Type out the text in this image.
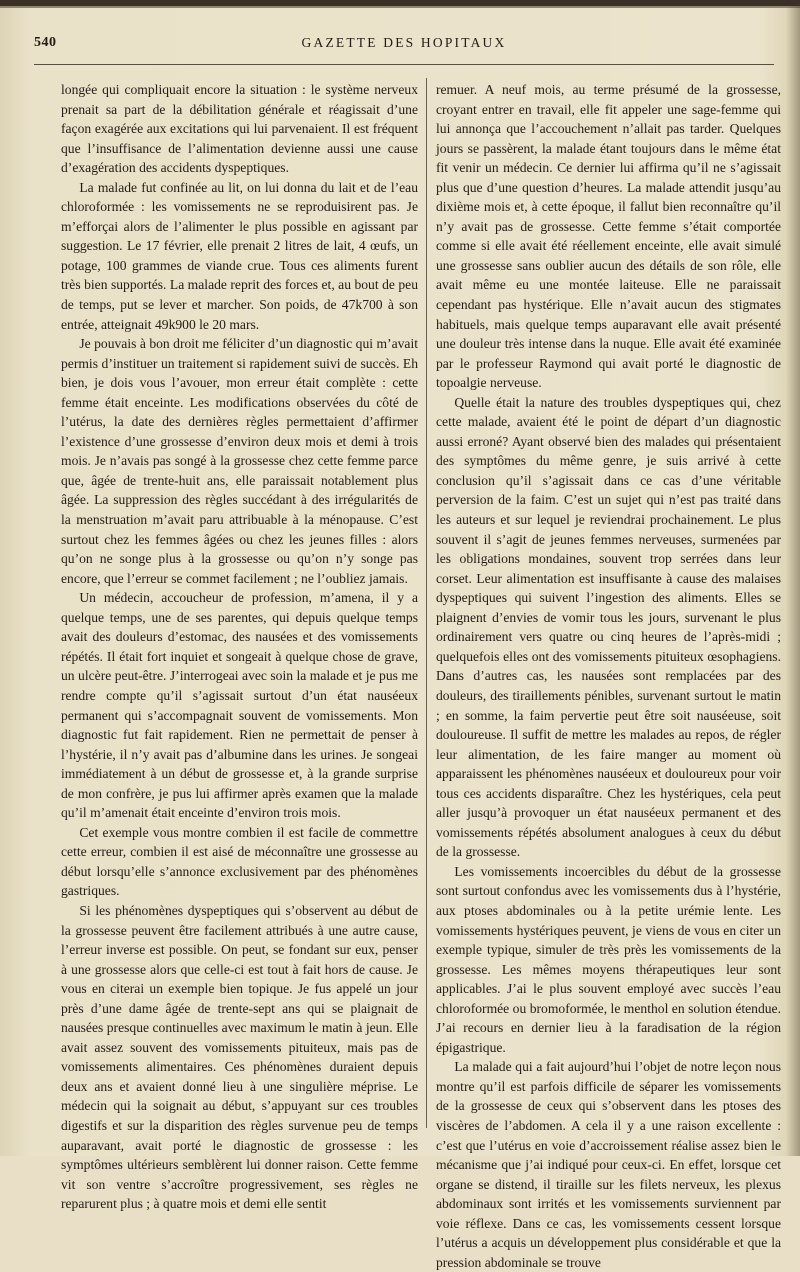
540	GAZETTE DES HOPITAUX

longée qui compliquait encore la situation : le système nerveux prenait sa part de la débilitation générale et réagissait d’une façon exagérée aux excitations qui lui parvenaient. Il est fréquent que l’insuffisance de l’alimentation devienne aussi une cause d’exagération des accidents dyspeptiques.

La malade fut confinée au lit, on lui donna du lait et de l’eau chloroformée : les vomissements ne se reproduisirent pas. Je m’efforçai alors de l’alimenter le plus possible en agissant par suggestion. Le 17 février, elle prenait 2 litres de lait, 4 œufs, un potage, 100 grammes de viande crue. Tous ces aliments furent très bien supportés. La malade reprit des forces et, au bout de peu de temps, put se lever et marcher. Son poids, de 47k700 à son entrée, atteignait 49k900 le 20 mars.

Je pouvais à bon droit me féliciter d’un diagnostic qui m’avait permis d’instituer un traitement si rapidement suivi de succès. Eh bien, je dois vous l’avouer, mon erreur était complète : cette femme était enceinte. Les modifications observées du côté de l’utérus, la date des dernières règles permettaient d’affirmer l’existence d’une grossesse d’environ deux mois et demi à trois mois. Je n’avais pas songé à la grossesse chez cette femme parce que, âgée de trente-huit ans, elle paraissait notablement plus âgée. La suppression des règles succédant à des irrégularités de la menstruation m’avait paru attribuable à la ménopause. C’est surtout chez les femmes âgées ou chez les jeunes filles : alors qu’on ne songe plus à la grossesse ou qu’on n’y songe pas encore, que l’erreur se commet facilement ; ne l’oubliez jamais.

Un médecin, accoucheur de profession, m’amena, il y a quelque temps, une de ses parentes, qui depuis quelque temps avait des douleurs d’estomac, des nausées et des vomissements répétés. Il était fort inquiet et songeait à quelque chose de grave, un ulcère peut-être. J’interrogeai avec soin la malade et je pus me rendre compte qu’il s’agissait surtout d’un état nauséeux permanent qui s’accompagnait souvent de vomissements. Mon diagnostic fut fait rapidement. Rien ne permettait de penser à l’hystérie, il n’y avait pas d’albumine dans les urines. Je songeai immédiatement à un début de grossesse et, à la grande surprise de mon confrère, je pus lui affirmer après examen que la malade qu’il m’amenait était enceinte d’environ trois mois.

Cet exemple vous montre combien il est facile de commettre cette erreur, combien il est aisé de méconnaître une grossesse au début lorsqu’elle s’annonce exclusivement par des phénomènes gastriques.

Si les phénomènes dyspeptiques qui s’observent au début de la grossesse peuvent être facilement attribués à une autre cause, l’erreur inverse est possible. On peut, se fondant sur eux, penser à une grossesse alors que celle-ci est tout à fait hors de cause. Je vous en citerai un exemple bien topique. Je fus appelé un jour près d’une dame âgée de trente-sept ans qui se plaignait de nausées presque continuelles avec maximum le matin à jeun. Elle avait assez souvent des vomissements pituiteux, mais pas de vomissements alimentaires. Ces phénomènes duraient depuis deux ans et avaient donné lieu à une singulière méprise. Le médecin qui la soignait au début, s’appuyant sur ces troubles digestifs et sur la disparition des règles survenue peu de temps auparavant, avait porté le diagnostic de grossesse : les symptômes ultérieurs semblèrent lui donner raison. Cette femme vit son ventre s’accroître progressivement, ses règles ne reparurent plus ; à quatre mois et demi elle sentit

remuer. A neuf mois, au terme présumé de la grossesse, croyant entrer en travail, elle fit appeler une sage-femme qui lui annonça que l’accouchement n’allait pas tarder. Quelques jours se passèrent, la malade étant toujours dans le même état fit venir un médecin. Ce dernier lui affirma qu’il ne s’agissait plus que d’une question d’heures. La malade attendit jusqu’au dixième mois et, à cette époque, il fallut bien reconnaître qu’il n’y avait pas de grossesse. Cette femme s’était comportée comme si elle avait été réellement enceinte, elle avait simulé une grossesse sans oublier aucun des détails de son rôle, elle avait même eu une montée laiteuse. Elle ne paraissait cependant pas hystérique. Elle n’avait aucun des stigmates habituels, mais quelque temps auparavant elle avait présenté une douleur très intense dans la nuque. Elle avait été examinée par le professeur Raymond qui avait porté le diagnostic de topoalgie nerveuse.

Quelle était la nature des troubles dyspeptiques qui, chez cette malade, avaient été le point de départ d’un diagnostic aussi erroné? Ayant observé bien des malades qui présentaient des symptômes du même genre, je suis arrivé à cette conclusion qu’il s’agissait dans ce cas d’une véritable perversion de la faim. C’est un sujet qui n’est pas traité dans les auteurs et sur lequel je reviendrai prochainement. Le plus souvent il s’agit de jeunes femmes nerveuses, surmenées par les obligations mondaines, souvent trop serrées dans leur corset. Leur alimentation est insuffisante à cause des malaises dyspeptiques qui suivent l’ingestion des aliments. Elles se plaignent d’envies de vomir tous les jours, survenant le plus ordinairement vers quatre ou cinq heures de l’après-midi ; quelquefois elles ont des vomissements pituiteux œsophagiens. Dans d’autres cas, les nausées sont remplacées par des douleurs, des tiraillements pénibles, survenant surtout le matin ; en somme, la faim pervertie peut être soit nauséeuse, soit douloureuse. Il suffit de mettre les malades au repos, de régler leur alimentation, de les faire manger au moment où apparaissent les phénomènes nauséeux et douloureux pour voir tous ces accidents disparaître. Chez les hystériques, cela peut aller jusqu’à provoquer un état nauséeux permanent et des vomissements répétés absolument analogues à ceux du début de la grossesse.

Les vomissements incoercibles du début de la grossesse sont surtout confondus avec les vomissements dus à l’hystérie, aux ptoses abdominales ou à la petite urémie lente. Les vomissements hystériques peuvent, je viens de vous en citer un exemple typique, simuler de très près les vomissements de la grossesse. Les mêmes moyens thérapeutiques leur sont applicables. J’ai le plus souvent employé avec succès l’eau chloroformée ou bromoformée, le menthol en solution étendue. J’ai recours en dernier lieu à la faradisation de la région épigastrique.

La malade qui a fait aujourd’hui l’objet de notre leçon nous montre qu’il est parfois difficile de séparer les vomissements de la grossesse de ceux qui s’observent dans les ptoses des viscères de l’abdomen. A cela il y a une raison excellente : c’est que l’utérus en voie d’accroissement réalise assez bien le mécanisme que j’ai indiqué pour ceux-ci. En effet, lorsque cet organe se distend, il tiraille sur les filets nerveux, les plexus abdominaux sont irrités et les vomissements surviennent par voie réflexe. Dans ce cas, les vomissements cessent lorsque l’utérus a acquis un développement plus considérable et que la pression abdominale se trouve
